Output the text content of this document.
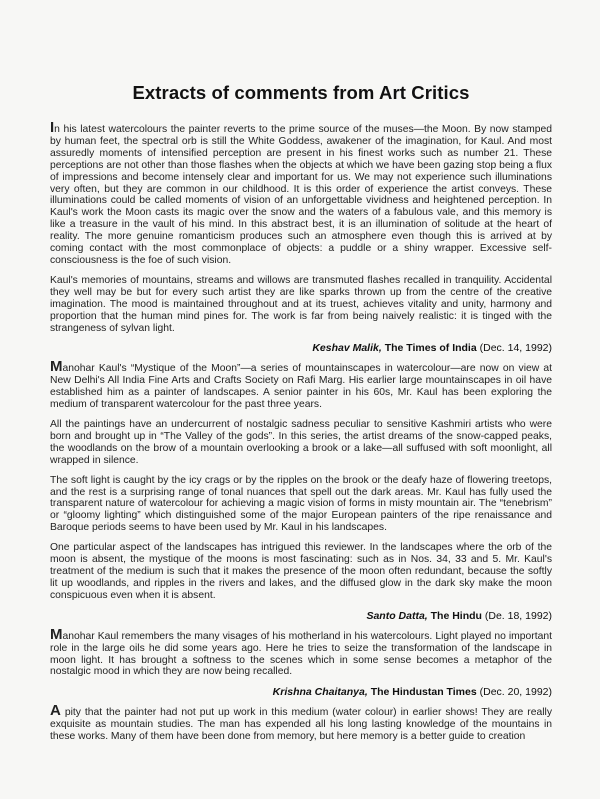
Extracts of comments from Art Critics

In his latest watercolours the painter reverts to the prime source of the muses—the Moon. By now stamped by human feet, the spectral orb is still the White Goddess, awakener of the imagination, for Kaul. And most assuredly moments of intensified perception are present in his finest works such as number 21. These perceptions are not other than those flashes when the objects at which we have been gazing stop being a flux of impressions and become intensely clear and important for us. We may not experience such illuminations very often, but they are common in our childhood. It is this order of experience the artist conveys. These illuminations could be called moments of vision of an unforgettable vividness and heightened perception. In Kaul's work the Moon casts its magic over the snow and the waters of a fabulous vale, and this memory is like a treasure in the vault of his mind. In this abstract best, it is an illumination of solitude at the heart of reality. The more genuine romanticism produces such an atmosphere even though this is arrived at by coming contact with the most commonplace of objects: a puddle or a shiny wrapper. Excessive self-consciousness is the foe of such vision.

Kaul's memories of mountains, streams and willows are transmuted flashes recalled in tranquility. Accidental they well may be but for every such artist they are like sparks thrown up from the centre of the creative imagination. The mood is maintained throughout and at its truest, achieves vitality and unity, harmony and proportion that the human mind pines for. The work is far from being naively realistic: it is tinged with the strangeness of sylvan light.

Keshav Malik, The Times of India (Dec. 14, 1992)

Manohar Kaul's “Mystique of the Moon”—a series of mountainscapes in watercolour—are now on view at New Delhi's All India Fine Arts and Crafts Society on Rafi Marg. His earlier large mountainscapes in oil have established him as a painter of landscapes. A senior painter in his 60s, Mr. Kaul has been exploring the medium of transparent watercolour for the past three years.

All the paintings have an undercurrent of nostalgic sadness peculiar to sensitive Kashmiri artists who were born and brought up in “The Valley of the gods”. In this series, the artist dreams of the snow-capped peaks, the woodlands on the brow of a mountain overlooking a brook or a lake—all suffused with soft moonlight, all wrapped in silence.

The soft light is caught by the icy crags or by the ripples on the brook or the deafy haze of flowering treetops, and the rest is a surprising range of tonal nuances that spell out the dark areas. Mr. Kaul has fully used the transparent nature of watercolour for achieving a magic vision of forms in misty mountain air. The “tenebrism” or “gloomy lighting” which distinguished some of the major European painters of the ripe renaissance and Baroque periods seems to have been used by Mr. Kaul in his landscapes.

One particular aspect of the landscapes has intrigued this reviewer. In the landscapes where the orb of the moon is absent, the mystique of the moons is most fascinating: such as in Nos. 34, 33 and 5. Mr. Kaul's treatment of the medium is such that it makes the presence of the moon often redundant, because the softly lit up woodlands, and ripples in the rivers and lakes, and the diffused glow in the dark sky make the moon conspicuous even when it is absent.

Santo Datta, The Hindu (De. 18, 1992)

Manohar Kaul remembers the many visages of his motherland in his watercolours. Light played no important role in the large oils he did some years ago. Here he tries to seize the transformation of the landscape in moon light. It has brought a softness to the scenes which in some sense becomes a metaphor of the nostalgic mood in which they are now being recalled.

Krishna Chaitanya, The Hindustan Times (Dec. 20, 1992)

A pity that the painter had not put up work in this medium (water colour) in earlier shows! They are really exquisite as mountain studies. The man has expended all his long lasting knowledge of the mountains in these works. Many of them have been done from memory, but here memory is a better guide to creation
